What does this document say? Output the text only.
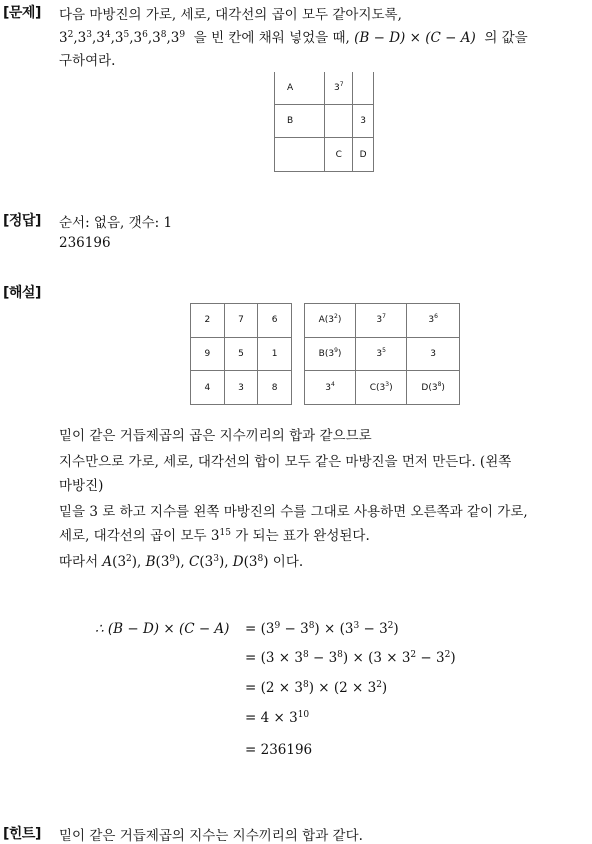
[문제] 다음 마방진의 가로, 세로, 대각선의 곱이 모두 같아지도록,
$3^2,3^3,3^4,3^5,3^6,3^8,3^9$ 을 빈 칸에 채워 넣었을 때, (B − D) × (C − A) 의 값을
구하여라.
A	$3^7$	
B		3
	C	D
[정답] 순서: 없음, 갯수: 1
236196
[해설]
2	7	6
9	5	1
4	3	8
$A(3^2)$	$3^7$	$3^6$
$B(3^9)$	$3^5$	3
$3^4$	$C(3^3)$	$D(3^8)$
밑이 같은 거듭제곱의 곱은 지수끼리의 합과 같으므로
지수만으로 가로, 세로, 대각선의 합이 모두 같은 마방진을 먼저 만든다. (왼쪽
마방진)
밑을 3 로 하고 지수를 왼쪽 마방진의 수를 그대로 사용하면 오른쪽과 같이 가로,
세로, 대각선의 곱이 모두 $3^{15}$ 가 되는 표가 완성된다.
따라서 $A(3^2)$, $B(3^9)$, $C(3^3)$, $D(3^8)$ 이다.
∴ $(B - D) \times (C - A) = (3^9 - 3^8) \times (3^3 - 3^2)$
= $(3 \times 3^8 - 3^8) \times (3 \times 3^2 - 3^2)$
= $(2 \times 3^8) \times (2 \times 3^2)$
= $4 \times 3^{10}$
= 236196
[힌트] 밑이 같은 거듭제곱의 지수는 지수끼리의 합과 같다.
